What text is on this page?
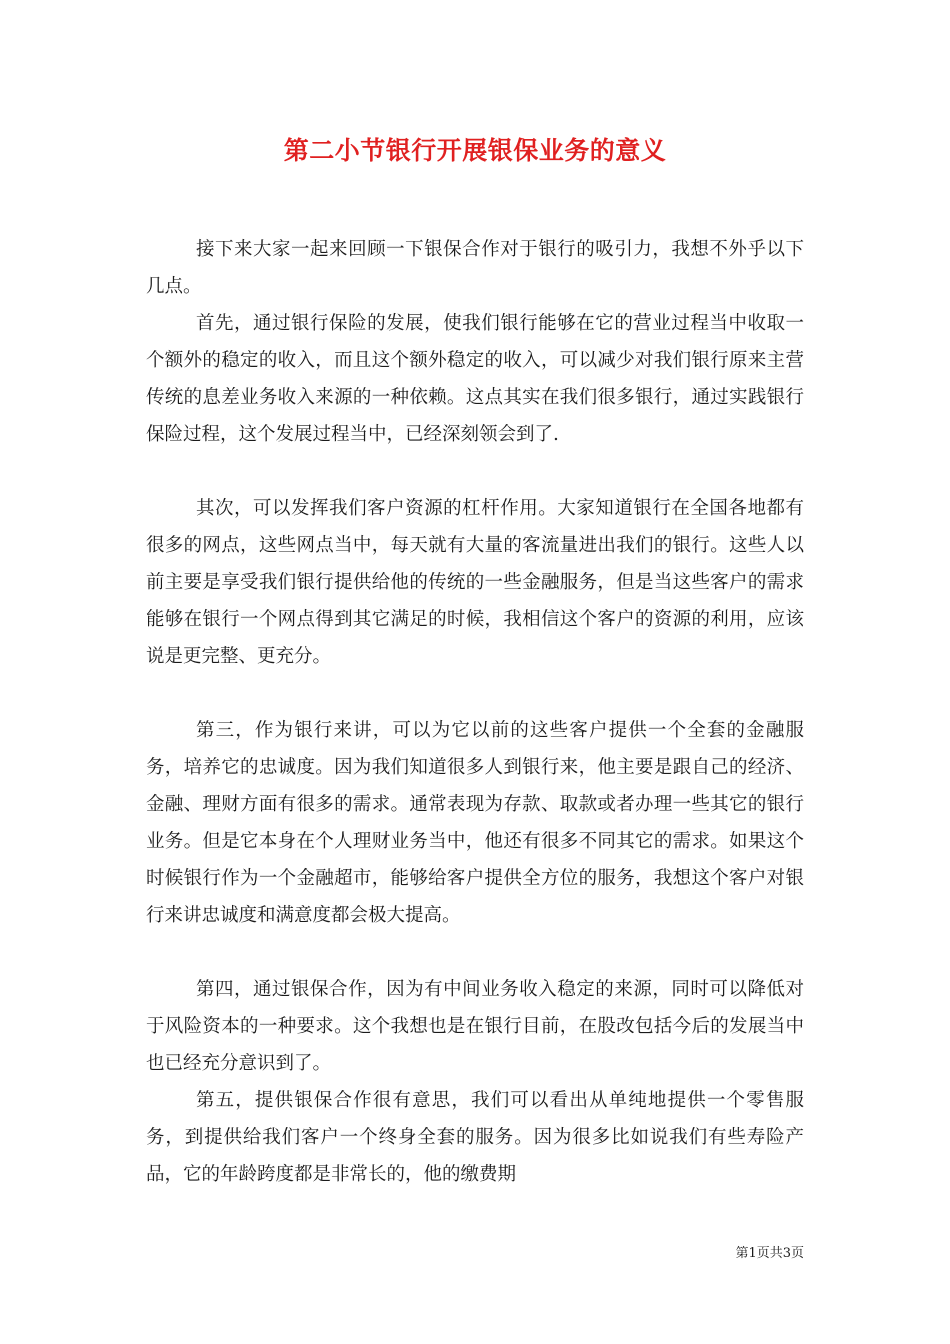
第二小节银行开展银保业务的意义

接下来大家一起来回顾一下银保合作对于银行的吸引力，我想不外乎以下几点。

首先，通过银行保险的发展，使我们银行能够在它的营业过程当中收取一个额外的稳定的收入，而且这个额外稳定的收入，可以减少对我们银行原来主营传统的息差业务收入来源的一种依赖。这点其实在我们很多银行，通过实践银行保险过程，这个发展过程当中，已经深刻领会到了.

其次，可以发挥我们客户资源的杠杆作用。大家知道银行在全国各地都有很多的网点，这些网点当中，每天就有大量的客流量进出我们的银行。这些人以前主要是享受我们银行提供给他的传统的一些金融服务，但是当这些客户的需求能够在银行一个网点得到其它满足的时候，我相信这个客户的资源的利用，应该说是更完整、更充分。

第三，作为银行来讲，可以为它以前的这些客户提供一个全套的金融服务，培养它的忠诚度。因为我们知道很多人到银行来，他主要是跟自己的经济、金融、理财方面有很多的需求。通常表现为存款、取款或者办理一些其它的银行业务。但是它本身在个人理财业务当中，他还有很多不同其它的需求。如果这个时候银行作为一个金融超市，能够给客户提供全方位的服务，我想这个客户对银行来讲忠诚度和满意度都会极大提高。

第四，通过银保合作，因为有中间业务收入稳定的来源，同时可以降低对于风险资本的一种要求。这个我想也是在银行目前，在股改包括今后的发展当中也已经充分意识到了。

第五，提供银保合作很有意思，我们可以看出从单纯地提供一个零售服务，到提供给我们客户一个终身全套的服务。因为很多比如说我们有些寿险产品，它的年龄跨度都是非常长的，他的缴费期

第1页共3页
